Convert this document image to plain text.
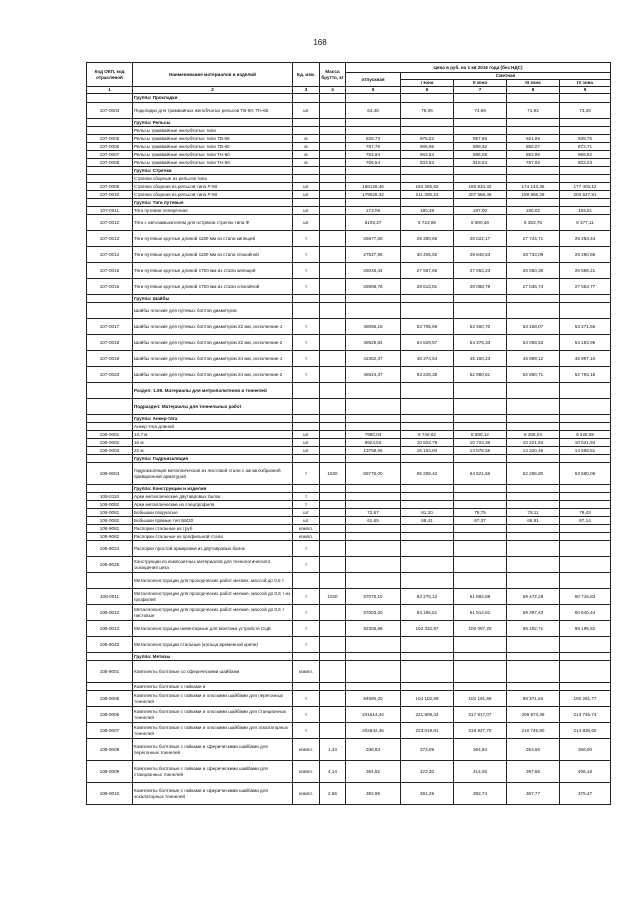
168
Код ОКП, код отраслевой	Наименование материалов и изделий	Ед. изм.	Масса брутто, кг	Цена в руб. на 1 кв 2016 года (без НДС)				
				отпускная	Сметная			
					I зона	II зона	III зона	IV зона
1	2	3	4	5	6	7	8	9
	Группа: Прокладки							
107-0004	Подкладки для трамвайных желобчатых рельсов ТВ-60, ТН-65	шт		64,46	76,06	74,69	71,92	73,26
	Группа: Рельсы							
	Рельсы трамвайные желобчатые типа							
107-0005	Рельсы трамвайные желобчатые типа ТВ-65	м		828,73	975,52	957,66	921,85	939,76
107-0006	Рельсы трамвайные желобчатые типа ТВ-60	м		767,76	905,96	889,32	856,07	872,71
107-0007	Рельсы трамвайные желобчатые типа ТН-60	м		764,94	902,64	886,05	852,96	869,52
107-0008	Рельсы трамвайные желобчатые типа ТН-55	м		706,54	833,83	818,53	787,92	803,23
	Группа: Стрелки							
	Стрелки сборные из рельсов типа							
107-0009	Стрелка сборная из рельсов типа Р-50	шт		156126,46	184 255,82	180 834,42	174 143,36	177 403,12
107-0010	Стрелка сборная из рельсов типа Р-50	шт		179026,32	211 305,24	207 566,46	199 856,29	203 627,91
	Группа: Тяги путевые							
107-0011	Тяга путевая поперечная	шт		173,09	190,48	187,00	180,02	183,51
107-0012	Тяга с автозамыкателем для остряков стрелок типа Ф	шт		6109,37	6 723,86	6 600,48	6 353,75	6 477,11
107-0013	Тяги путевые круглые длиной 1180 мм из стали кипящей	т		25677,60	29 360,68	28 822,17	27 744,71	28 283,44
107-0014	Тяги путевые круглые длиной 1180 мм из стали спокойной	т		27627,95	30 405,92	29 848,63	28 733,09	29 290,86
107-0015	Тяги путевые круглые длиной 1700 мм из стали кипящей	т		25048,44	27 567,68	27 062,23	26 050,36	26 556,21
107-0016	Тяги путевые круглые длиной 1700 мм из стали спокойной	т		25998,76	28 613,81	28 088,79	27 036,74	27 563,77
	Группа: Шайбы							
	Шайбы плоские для путевых болтов диаметром							
107-0017	Шайбы плоские для путевых болтов диаметром 22 мм, исполнение 1	т		49055,16	53 705,69	53 460,70	53 158,07	53 271,56
107-0018	Шайбы плоские для путевых болтов диаметром 22 мм, исполнение 2	т		49925,84	54 629,57	54 376,33	54 068,53	54 183,95
107-0019	Шайбы плоские для путевых болтов диаметром 24 мм, исполнение 1	т		42362,37	46 374,54	46 160,43	45 899,12	45 997,10
107-0020	Шайбы плоские для путевых болтов диаметром 24 мм, исполнение 2	т		48644,37	53 225,38	52 980,61	52 680,71	52 793,18
	Раздел: 1.08. Материалы для метрополитенов и тоннелей							
	Подраздел: Материалы для тоннельных работ							
	Группа: Анкер-тяга							
	Анкер-тяга длиной							
108-0001	12,7 м	шт		7950,03	8 749,62	8 589,12	8 268,04	8 428,59
108-0002	16 м	шт		9924,53	10 922,78	10 722,36	10 321,53	10 521,94
108-0003	22 м	шт		13759,65	15 154,84	14 876,55	14 320,46	14 598,51
	Группа: Гидроизоляция							
108-0004	Гидроизоляция металлическая из листовой стали с зигзагообразной приваренной арматурой	т	1020	59776,00	65 269,42	64 621,56	62 286,80	63 590,06
	Группа: Конструкции и изделия							
108-0110	Арки металлические двутавровых балок	т						
108-0082	Арки металлические из спецпрофиля	т						
106-0081	Бобышки сводчатые	шт		72,67	81,20	79,75	79,11	79,43
106-0082	Бобышки прямые тип БМ20	шт		61,65	68,41	67,37	66,91	67,14
108-9081	Распорки стальные из труб	компл.						
108-9082	Распорки стальные из профильной стали	компл.						
108-9024	Распорки простой армировки из двутавровых балок	т						
108-9025	Конструкции из композитных материалов для технологического оснащения цеха	т						
	Металлоконструкции для проходческих работ мелких, массой до 0,5 т							
108-0011	Металлоконструкции для проходческих работ мелкие, массой до 0,5 т из профилей	т	1020	57075,10	63 275,12	61 892,88	59 472,28	60 716,83
108-0012	Металлоконструкции для проходческих работ мелкие, массой до 0,5 т листовые	т		57003,20	63 195,51	61 814,81	59 397,43	60 640,44
108-0013	Металлоконструкции инвентарные для монтажа устройств СЦБ	т		92305,86	102 332,97	100 097,20	96 182,71	98 195,52
108-9043	Металлоконструкции стальные (кольца временной крепи)	т						
	Группа: Метизы							
108-9001	Комплекты болтовые со сферическими шайбами	компл.						
	Комплекты болтовые с гайками и							
108-0005	Комплекты болтовые с гайками и плоскими шайбами для перегонных тоннелей	т		94590,20	104 102,69	102 191,59	98 371,64	100 281,77
108-0006	Комплекты болтовые с гайками и плоскими шайбами для станционных тоннелей	т		201614,44	221 809,43	217 817,07	209 674,39	213 745,74
108-0007	Комплекты болтовые с гайками и плоскими шайбами для эскалаторных тоннелей	т		202642,45	223 019,81	218 927,70	210 745,60	214 835,60
108-0008	Комплекты болтовые с гайками и сферическими шайбами для перегонных тоннелей	компл.	1,34	338,63	373,09	364,94	353,66	358,00
108-0009	Комплекты болтовые с гайками и сферическими шайбами для станционных тоннелей	компл.	4,14	384,82	423,30	414,05	397,86	406,18
108-0010	Комплекты болтовые с гайками и сферическими шайбами для эскалаторных тоннелей	компл.	2,56	392,95	391,29	382,74	367,77	375,47
